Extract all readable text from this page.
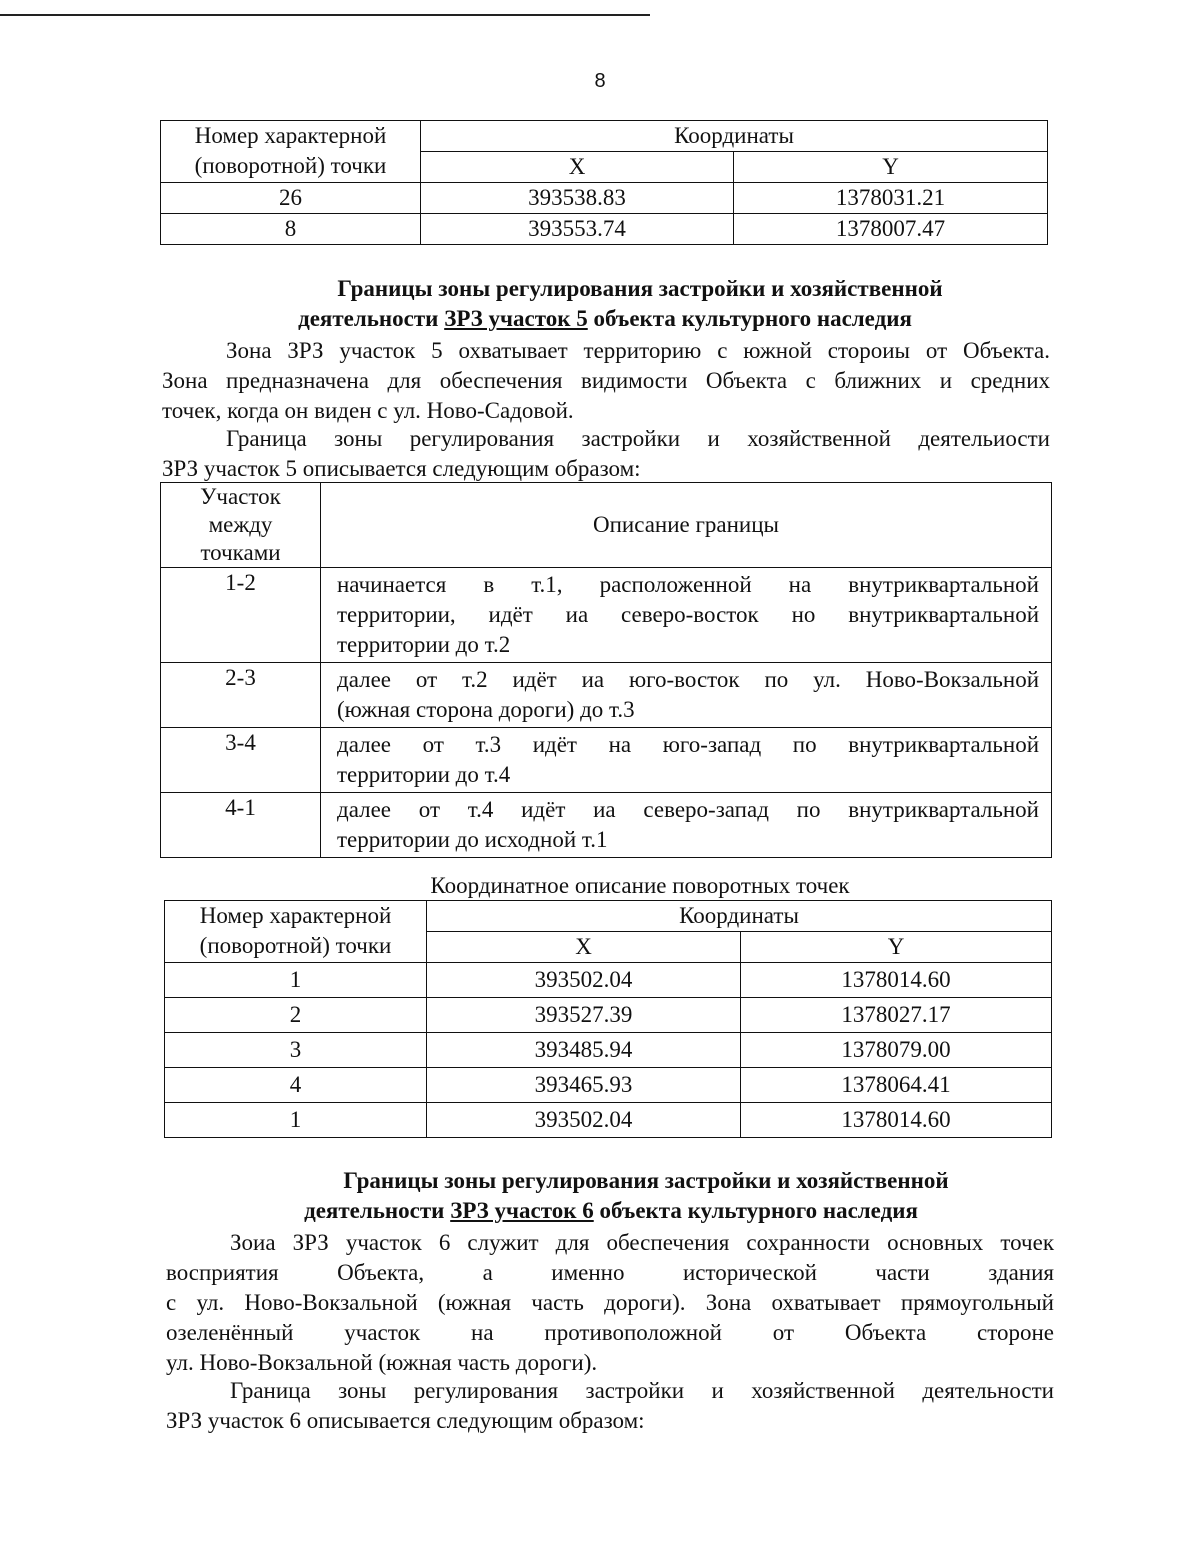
8
Номер характерной
(поворотной) точки	Координаты	
	X	Y
26	393538.83	1378031.21
8	393553.74	1378007.47
Границы зоны регулирования застройки и хозяйственной
деятельности ЗРЗ участок 5 объекта культурного наследия
Зона ЗРЗ участок 5 охватывает территорию с южной стороиы от Объекта.
Зона предназначена для обеспечения видимости Объекта с ближних и средних
точек, когда он виден с ул. Ново-Садовой.
Граница зоны регулирования застройки и хозяйственной деятельиости
ЗРЗ участок 5 описывается следующим образом:
Участок
между
точками	Описание границы
1-2	начинается в т.1, расположенной на внутриквартальной
территории, идёт иа северо-восток но внутриквартальной
территории до т.2

2-3	далее от т.2 идёт иа юго-восток по ул. Ново-Вокзальной
(южная сторона дороги) до т.3

3-4	далее от т.3 идёт на юго-запад по внутриквартальной
территории до т.4

4-1	далее от т.4 идёт иа северо-запад по внутриквартальной
территории до исходной т.1
Координатное описание поворотных точек
Номер характерной
(поворотной) точки	Координаты	
	X	Y
1	393502.04	1378014.60
2	393527.39	1378027.17
3	393485.94	1378079.00
4	393465.93	1378064.41
1	393502.04	1378014.60
Границы зоны регулирования застройки и хозяйственной
деятельности ЗРЗ участок 6 объекта культурного наследия
Зоиа ЗРЗ участок 6 служит для обеспечения сохранности основных точек
восприятия Объекта, а именно исторической части здания
с ул. Ново-Вокзальной (южная часть дороги). Зона охватывает прямоугольный
озеленённый участок на противоположной от Объекта стороне
ул. Ново-Вокзальной (южная часть дороги).
Граница зоны регулирования застройки и хозяйственной деятельности
ЗРЗ участок 6 описывается следующим образом:
